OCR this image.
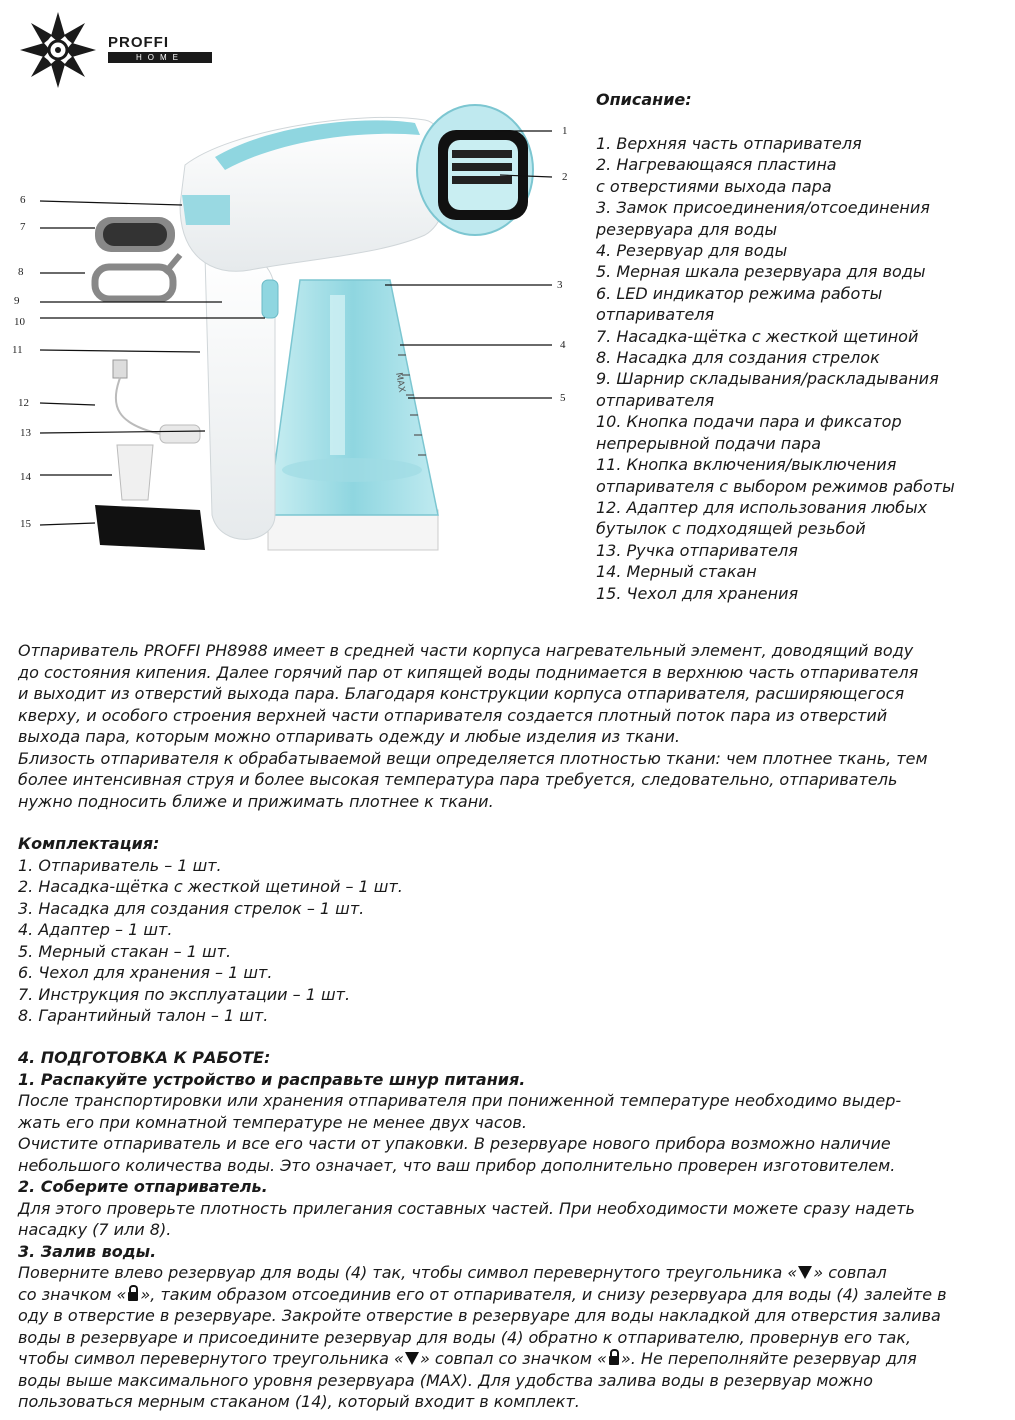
PROFFI
HOME
MAX
1
2
3
4
5
6
7
8
9
10
11
12
13
14
15
Описание:
1. Верхняя часть отпаривателя
2. Нагревающаяся пластина
с отверстиями выхода пара
3. Замок присоединения/отсоединения
резервуара для воды
4. Резервуар для воды
5. Мерная шкала резервуара для воды
6. LED индикатор режима работы
отпаривателя
7. Насадка-щётка с жесткой щетиной
8. Насадка для создания стрелок
9. Шарнир складывания/раскладывания
отпаривателя
10. Кнопка подачи пара и фиксатор
непрерывной подачи пара
11. Кнопка включения/выключения
отпаривателя с выбором режимов работы
12. Адаптер для использования любых
бутылок с подходящей резьбой
13. Ручка отпаривателя
14. Мерный стакан
15. Чехол для хранения

Отпариватель PROFFI PH8988 имеет в средней части корпуса нагревательный элемент, доводящий воду

до состояния кипения. Далее горячий пар от кипящей воды поднимается в верхнюю часть отпаривателя

и выходит из отверстий выхода пара. Благодаря конструкции корпуса отпаривателя, расширяющегося

кверху, и особого строения верхней части отпаривателя создается плотный поток пара из отверстий

выхода пара, которым можно отпаривать одежду и любые изделия из ткани.

Близость отпаривателя к обрабатываемой вещи определяется плотностью ткани: чем плотнее ткань, тем

более интенсивная струя и более высокая температура пара требуется, следовательно, отпариватель

нужно подносить ближе и прижимать плотнее к ткани.

Комплектация:
1. Отпариватель – 1 шт.
2. Насадка-щётка с жесткой щетиной – 1 шт.
3. Насадка для создания стрелок – 1 шт.
4. Адаптер – 1 шт.
5. Мерный стакан – 1 шт.
6. Чехол для хранения – 1 шт.
7. Инструкция по эксплуатации – 1 шт.
8. Гарантийный талон – 1 шт.
4. ПОДГОТОВКА К РАБОТЕ:
1. Распакуйте устройство и расправьте шнур питания.

После транспортировки или хранения отпаривателя при пониженной температуре необходимо выдер-

жать его при комнатной температуре не менее двух часов.

Очистите отпариватель и все его части от упаковки. В резервуаре нового прибора возможно наличие

небольшого количества воды. Это означает, что ваш прибор дополнительно проверен изготовителем.

2. Соберите отпариватель.

Для этого проверьте плотность прилегания составных частей. При необходимости можете сразу надеть

насадку (7 или 8).

3. Залив воды.

Поверните влево резервуар для воды (4) так, чтобы символ перевернутого треугольника « » совпал

со значком « », таким образом отсоединив его от отпаривателя, и снизу резервуара для воды (4) залейте в

оду в отверстие в резервуаре. Закройте отверстие в резервуаре для воды накладкой для отверстия залива

воды в резервуаре и присоедините резервуар для воды (4) обратно к отпаривателю, провернув его так,

чтобы символ перевернутого треугольника « » совпал со значком « ». Не переполняйте резервуар для

воды выше максимального уровня резервуара (MAX). Для удобства залива воды в резервуар можно

пользоваться мерным стаканом (14), который входит в комплект.
